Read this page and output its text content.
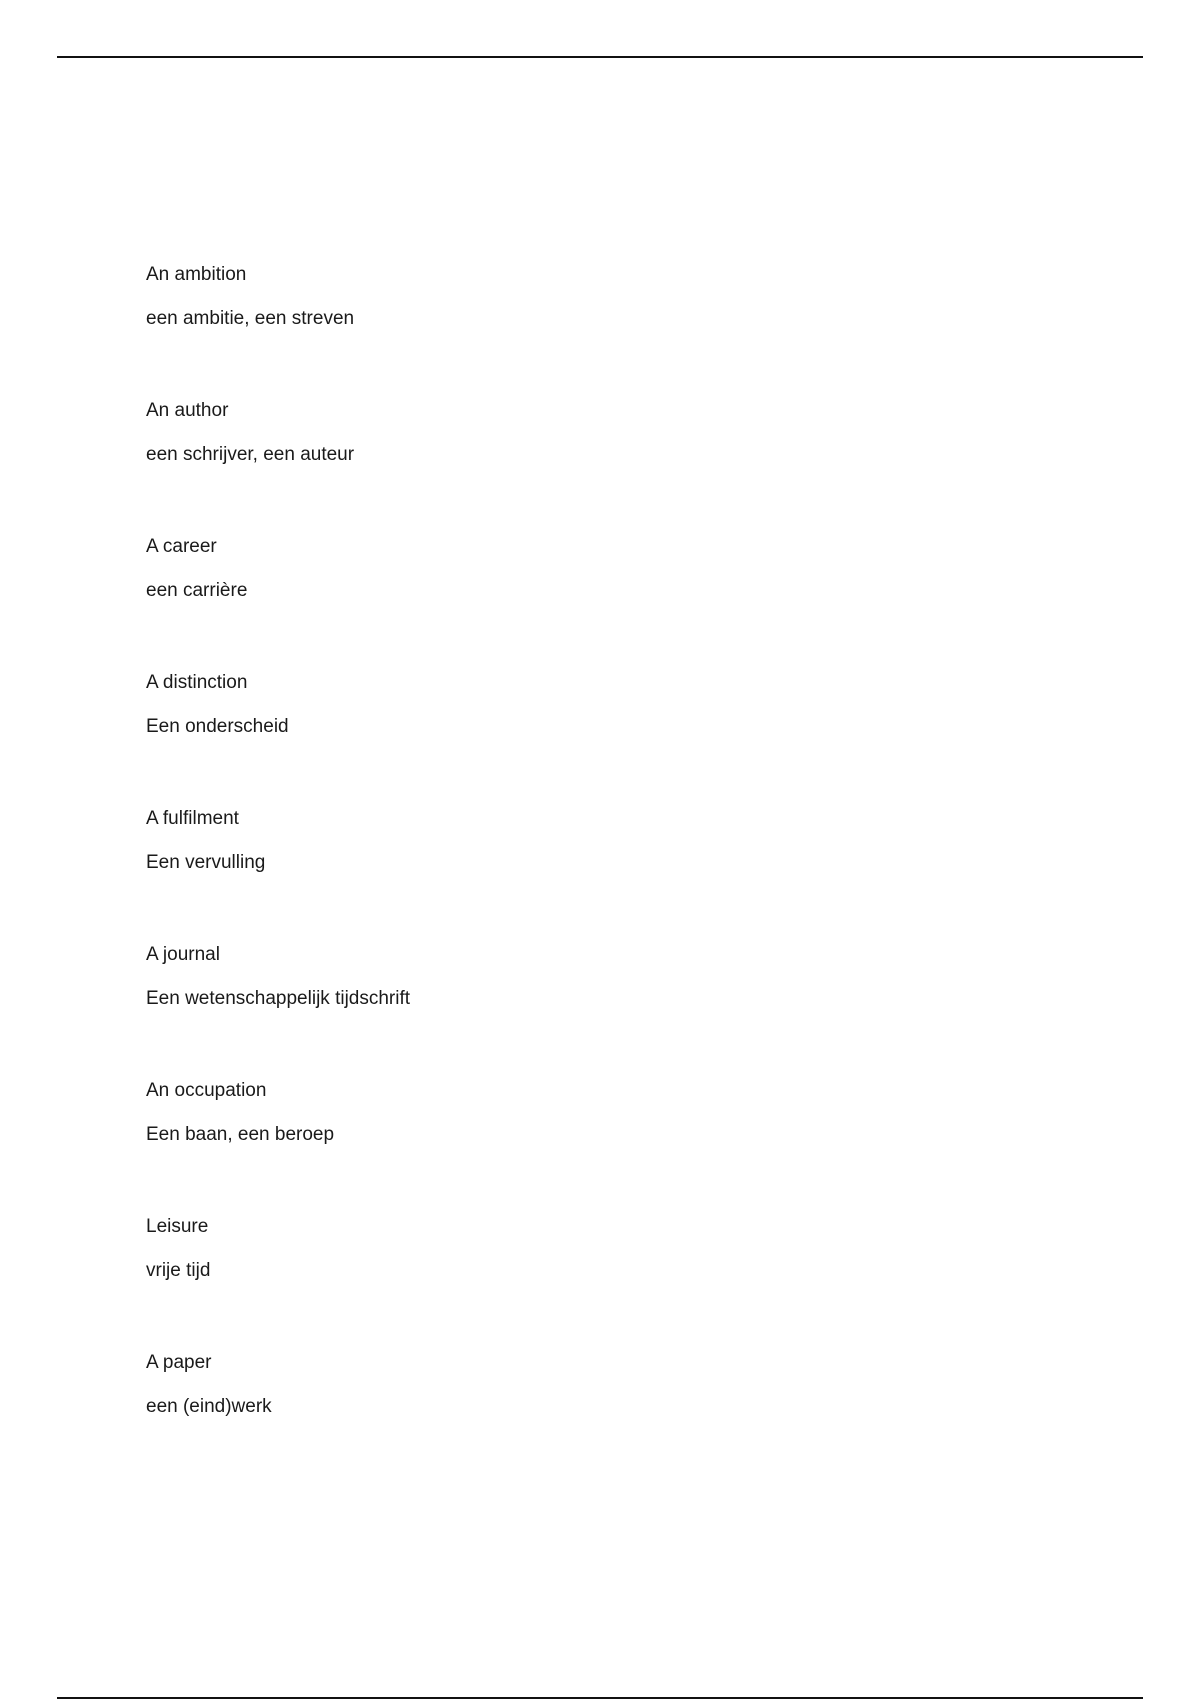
An ambition
een ambitie, een streven
An author
een schrijver, een auteur
A career
een carrière
A distinction
Een onderscheid
A fulfilment
Een vervulling
A journal
Een wetenschappelijk tijdschrift
An occupation
Een baan, een beroep
Leisure
vrije tijd
A paper
een (eind)werk
